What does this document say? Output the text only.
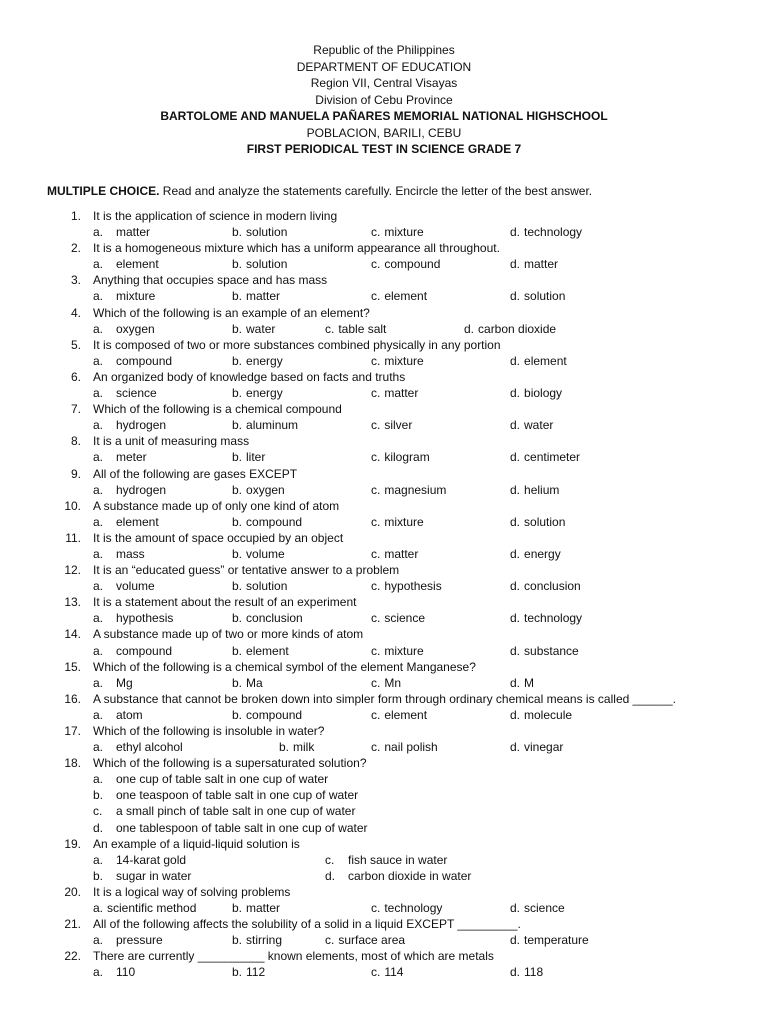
Republic of the Philippines
DEPARTMENT OF EDUCATION
Region VII, Central Visayas
Division of Cebu Province
BARTOLOME AND MANUELA PAÑARES MEMORIAL NATIONAL HIGHSCHOOL
POBLACION, BARILI, CEBU
FIRST PERIODICAL TEST IN SCIENCE GRADE 7
MULTIPLE CHOICE. Read and analyze the statements carefully. Encircle the letter of the best answer.
1. It is the application of science in modern living
a. matter	b. solution	c. mixture	d. technology
2. It is a homogeneous mixture which has a uniform appearance all throughout.
a. element	b. solution	c. compound	d. matter
3. Anything that occupies space and has mass
a. mixture	b. matter	c. element	d. solution
4. Which of the following is an example of an element?
a. oxygen	b. water	c. table salt	d. carbon dioxide
5. It is composed of two or more substances combined physically in any portion
a. compound	b. energy	c. mixture	d. element
6. An organized body of knowledge based on facts and truths
a. science	b. energy	c. matter	d. biology
7. Which of the following is a chemical compound
a. hydrogen	b. aluminum	c. silver	d. water
8. It is a unit of measuring mass
a. meter	b. liter	c. kilogram	d. centimeter
9. All of the following are gases EXCEPT
a. hydrogen	b. oxygen	c. magnesium	d. helium
10. A substance made up of only one kind of atom
a. element	b. compound	c. mixture	d. solution
11. It is the amount of space occupied by an object
a. mass	b. volume	c. matter	d. energy
12. It is an “educated guess” or tentative answer to a problem
a. volume	b. solution	c. hypothesis	d. conclusion
13. It is a statement about the result of an experiment
a. hypothesis	b. conclusion	c. science	d. technology
14. A substance made up of two or more kinds of atom
a. compound	b. element	c. mixture	d. substance
15. Which of the following is a chemical symbol of the element Manganese?
a. Mg	b. Ma	c. Mn	d. M
16. A substance that cannot be broken down into simpler form through ordinary chemical means is called ______.
a. atom	b. compound	c. element	d. molecule
17. Which of the following is insoluble in water?
a. ethyl alcohol	b. milk	c. nail polish	d. vinegar
18. Which of the following is a supersaturated solution?
a. one cup of table salt in one cup of water
b. one teaspoon of table salt in one cup of water
c. a small pinch of table salt in one cup of water
d. one tablespoon of table salt in one cup of water
19. An example of a liquid-liquid solution is
a. 14-karat gold	c. fish sauce in water
b. sugar in water	d. carbon dioxide in water
20. It is a logical way of solving problems
a. scientific method	b. matter	c. technology	d. science
21. All of the following affects the solubility of a solid in a liquid EXCEPT _________.
a. pressure	b. stirring	c. surface area	d. temperature
22. There are currently __________ known elements, most of which are metals
a. 110	b. 112	c. 114	d. 118
